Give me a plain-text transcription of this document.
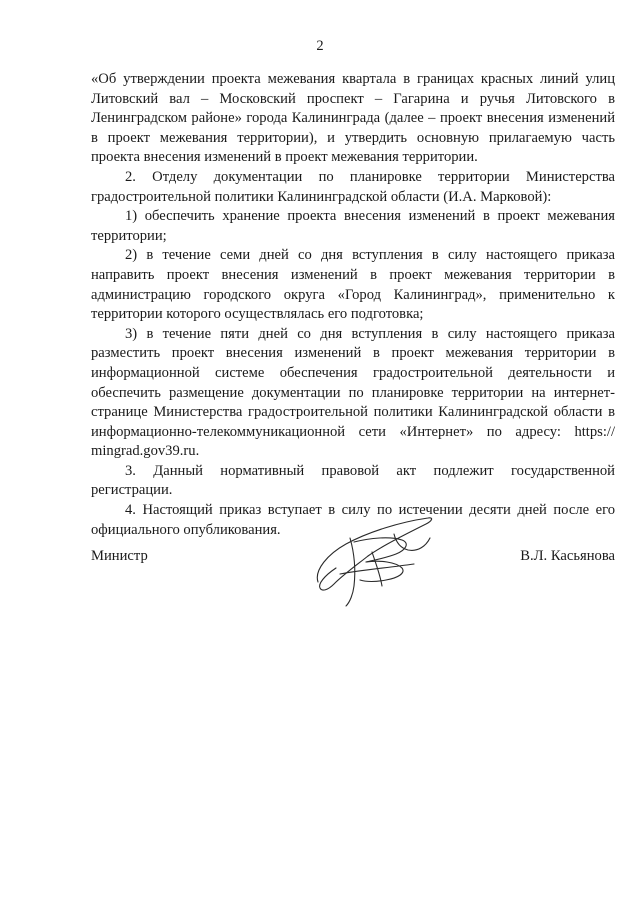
2

«Об утверждении проекта межевания квартала в границах красных линий улиц Литовский вал – Московский проспект – Гагарина и ручья Литовского в Ленинградском районе» города Калининграда (далее – проект внесения изменений в проект межевания территории), и утвердить основную прилагаемую часть проекта внесения изменений в проект межевания территории.

2. Отделу документации по планировке территории Министерства градостроительной политики Калининградской области (И.А. Марковой):

1) обеспечить хранение проекта внесения изменений в проект межевания территории;

2) в течение семи дней со дня вступления в силу настоящего приказа направить проект внесения изменений в проект межевания территории в администрацию городского округа «Город Калининград», применительно к территории которого осуществлялась его подготовка;

3) в течение пяти дней со дня вступления в силу настоящего приказа разместить проект внесения изменений в проект межевания территории в информационной системе обеспечения градостроительной деятельности и обеспечить размещение документации по планировке территории на интернет-странице Министерства градостроительной политики Калининградской области в информационно-телекоммуникационной сети «Интернет» по адресу: https:// mingrad.gov39.ru.

3. Данный нормативный правовой акт подлежит государственной регистрации.

4. Настоящий приказ вступает в силу по истечении десяти дней после его официального опубликования.

Министр	В.Л. Касьянова
